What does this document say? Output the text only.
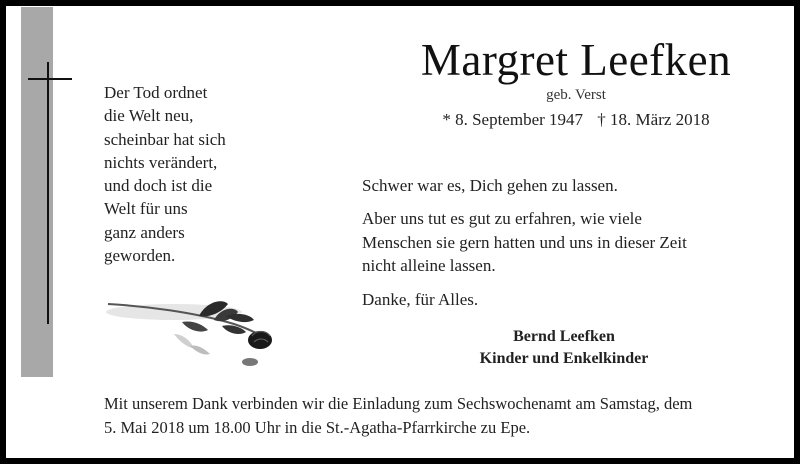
Der Tod ordnet
die Welt neu,
scheinbar hat sich
nichts verändert,
und doch ist die
Welt für uns
ganz anders
geworden.
Margret Leefken
geb. Verst
* 8. September 1947 † 18. März 2018

Schwer war es, Dich gehen zu lassen.

Aber uns tut es gut zu erfahren, wie viele
Menschen sie gern hatten und uns in dieser Zeit
nicht alleine lassen.

Danke, für Alles.

Bernd Leefken
Kinder und Enkelkinder
Mit unserem Dank verbinden wir die Einladung zum Sechswochenamt am Samstag, dem
5. Mai 2018 um 18.00 Uhr in die St.-Agatha-Pfarrkirche zu Epe.
